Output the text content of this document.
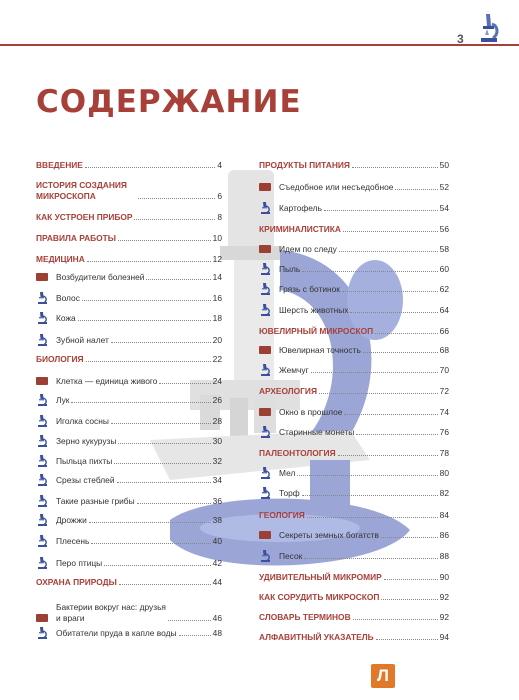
3
СОДЕРЖАНИЕ
ВВЕДЕНИЕ	4
ИСТОРИЯ СОЗДАНИЯ МИКРОСКОПА	6
КАК УСТРОЕН ПРИБОР	8
ПРАВИЛА РАБОТЫ	10
МЕДИЦИНА	12
Возбудители болезней	14
Волос	16
Кожа	18
Зубной налет	20
БИОЛОГИЯ	22
Клетка — единица живого	24
Лук	26
Иголка сосны	28
Зерно кукурузы	30
Пыльца пихты	32
Срезы стеблей	34
Такие разные грибы	36
Дрожжи	38
Плесень	40
Перо птицы	42
ОХРАНА ПРИРОДЫ	44
Бактерии вокруг нас: друзья и враги	46
Обитатели пруда в капле воды	48
ПРОДУКТЫ ПИТАНИЯ	50
Съедобное или несъедобное	52
Картофель	54
КРИМИНАЛИСТИКА	56
Идем по следу	58
Пыль	60
Грязь с ботинок	62
Шерсть животных	64
ЮВЕЛИРНЫЙ МИКРОСКОП	66
Ювелирная точность	68
Жемчуг	70
АРХЕОЛОГИЯ	72
Окно в прошлое	74
Старинные монеты	76
ПАЛЕОНТОЛОГИЯ	78
Мел	80
Торф	82
ГЕОЛОГИЯ	84
Секреты земных богатств	86
Песок	88
УДИВИТЕЛЬНЫЙ МИКРОМИР	90
КАК СОРУДИТЬ МИКРОСКОП	92
СЛОВАРЬ ТЕРМИНОВ	92
АЛФАВИТНЫЙ УКАЗАТЕЛЬ	94
Л
